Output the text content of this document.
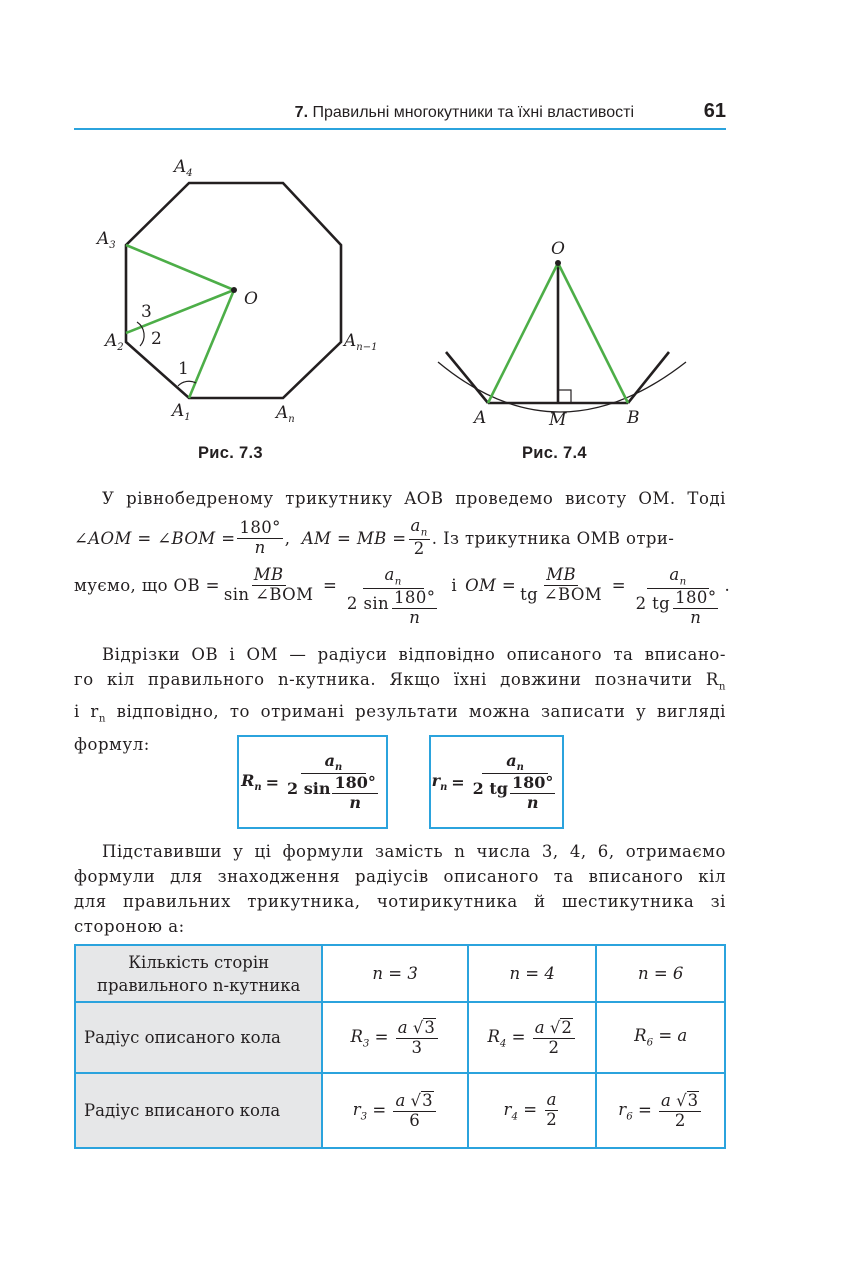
7. Правильні многокутники та їхні властивості	61
$A_4$
$A_3$
$A_2$
$A_1$	$A_n$
$A_{n-1}$
O
3
2
1
O
A	M	B
Рис. 7.3	Рис. 7.4
У рівнобедреному трикутнику AOB проведемо висоту OM. Тоді
∠AOM = ∠BOM = $\frac{180^\circ}{n}$ , AM = MB = $\frac{a_n}{2}$ . Із трикутника OMB отри-
муємо, що OB = $\frac{MB}{\text{sin ∠BOM}} = \frac{a_n}{2 \sin \frac{180^\circ}{n}}$ і OM = $\frac{MB}{\text{tg ∠BOM}} = \frac{a_n}{2 tg \frac{180^\circ}{n}}$ .
Відрізки OB і OM — радіуси відповідно описаного та вписано-
го кіл правильного n-кутника. Якщо їхні довжини позначити $R_n$
і $r_n$ відповідно, то отримані результати можна записати у вигляді
формул:
$R_n = \frac{a_n}{2 \sin \frac{180^\circ}{n}}$	$r_n = \frac{a_n}{2 tg \frac{180^\circ}{n}}$
Підставивши у ці формули замість n числа 3, 4, 6, отримаємо
формули для знаходження радіусів описаного та вписаного кіл
для правильних трикутника, чотирикутника й шестикутника зі
стороною a:
Кількість сторін
правильного n-кутника	n = 3	n = 4	n = 6
Радіус описаного кола	$R_3 = \frac{a √3}{3}$	$R_4 = \frac{a √2}{2}$	$R_6 = a$
Радіус вписаного кола	$r_3 = \frac{a √3}{6}$	$r_4 = \frac{a}{2}$	$r_6 = \frac{a √3}{2}$
